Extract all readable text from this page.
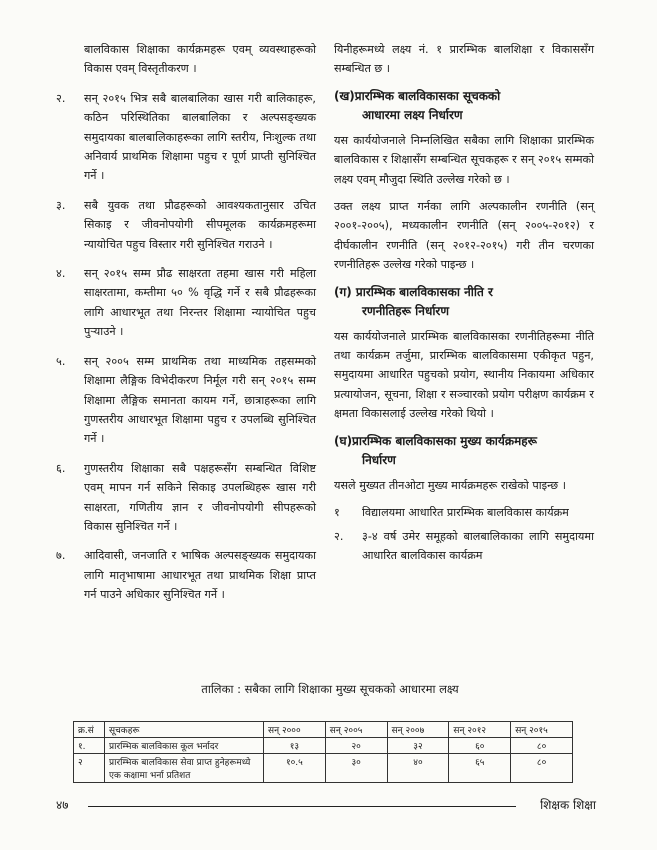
बालविकास शिक्षाका कार्यक्रमहरू एवम् व्यवस्थाहरूको विकास एवम् विस्तृतीकरण ।
२.	सन् २०१५ भित्र सबै बालबालिका खास गरी बालिकाहरू, कठिन परिस्थितिका बालबालिका र अल्पसङ्ख्यक समुदायका बालबालिकाहरूका लागि स्तरीय, निःशुल्क तथा अनिवार्य प्राथमिक शिक्षामा पहुच र पूर्ण प्राप्ती सुनिश्चित गर्ने ।
३.	सबै युवक तथा प्रौढहरूको आवश्यकतानुसार उचित सिकाइ र जीवनोपयोगी सीपमूलक कार्यक्रमहरूमा न्यायोचित पहुच विस्तार गरी सुनिश्चित गराउने ।
४.	सन् २०१५ सम्म प्रौढ साक्षरता तहमा खास गरी महिला साक्षरतामा, कम्तीमा ५० % वृद्धि गर्ने र सबै प्रौढहरूका लागि आधारभूत तथा निरन्तर शिक्षामा न्यायोचित पहुच पुऱ्याउने ।
५.	सन् २००५ सम्म प्राथमिक तथा माध्यमिक तहसम्मको शिक्षामा लैङ्गिक विभेदीकरण निर्मूल गरी सन् २०१५ सम्म शिक्षामा लैङ्गिक समानता कायम गर्ने, छात्राहरूका लागि गुणस्तरीय आधारभूत शिक्षामा पहुच र उपलब्धि सुनिश्चित गर्ने ।
६.	गुणस्तरीय शिक्षाका सबै पक्षहरूसँग सम्बन्धित विशिष्ट एवम् मापन गर्न सकिने सिकाइ उपलब्धिहरू खास गरी साक्षरता, गणितीय ज्ञान र जीवनोपयोगी सीपहरूको विकास सुनिश्चित गर्ने ।
७.	आदिवासी, जनजाति र भाषिक अल्पसङ्ख्यक समुदायका लागि मातृभाषामा आधारभूत तथा प्राथमिक शिक्षा प्राप्त गर्न पाउने अधिकार सुनिश्चित गर्ने ।

यिनीहरूमध्ये लक्ष्य नं. १ प्रारम्भिक बालशिक्षा र विकाससँग सम्बन्धित छ ।

(ख)प्रारम्भिक बालविकासका सूचकको
आधारमा लक्ष्य निर्धारण

यस कार्ययोजनाले निम्नलिखित सबैका लागि शिक्षाका प्रारम्भिक बालविकास र शिक्षासँग सम्बन्धित सूचकहरू र सन् २०१५ सम्मको लक्ष्य एवम् मौजुदा स्थिति उल्लेख गरेको छ ।

उक्त लक्ष्य प्राप्त गर्नका लागि अल्पकालीन रणनीति (सन् २००१-२००५), मध्यकालीन रणनीति (सन् २००५-२०१२) र दीर्घकालीन रणनीति (सन् २०१२-२०१५) गरी तीन चरणका रणनीतिहरू उल्लेख गरेको पाइन्छ ।

(ग) प्रारम्भिक बालविकासका नीति र
रणनीतिहरू निर्धारण

यस कार्ययोजनाले प्रारम्भिक बालविकासका रणनीतिहरूमा नीति तथा कार्यक्रम तर्जुमा, प्रारम्भिक बालविकासमा एकीकृत पहुन, समुदायमा आधारित पहुचको प्रयोग, स्थानीय निकायमा अधिकार प्रत्यायोजन, सूचना, शिक्षा र सञ्चारको प्रयोग परीक्षण कार्यक्रम र क्षमता विकासलाई उल्लेख गरेको थियो ।

(घ)प्रारम्भिक बालविकासका मुख्य कार्यक्रमहरू
निर्धारण

यसले मुख्यत तीनओटा मुख्य मार्यक्रमहरू राखेको पाइन्छ ।

१	विद्यालयमा आधारित प्रारम्भिक बालविकास कार्यक्रम
२.	३-४ वर्ष उमेर समूहको बालबालिकाका लागि समुदायमा आधारित बालविकास कार्यक्रम
तालिका : सबैका लागि शिक्षाका मुख्य सूचकको आधारमा लक्ष्य
क्र.सं	सूचकहरू	सन् २०००	सन् २००५	सन् २००७	सन् २०१२	सन् २०१५
१.	प्रारम्भिक बालविकास कूल भर्नादर	१३	२०	३२	६०	८०
२	प्रारम्भिक बालविकास सेवा प्राप्त हुनेहरूमध्ये एक कक्षामा भर्ना प्रतिशत	१०.५	३०	४०	६५	८०
४७	शिक्षक शिक्षा
